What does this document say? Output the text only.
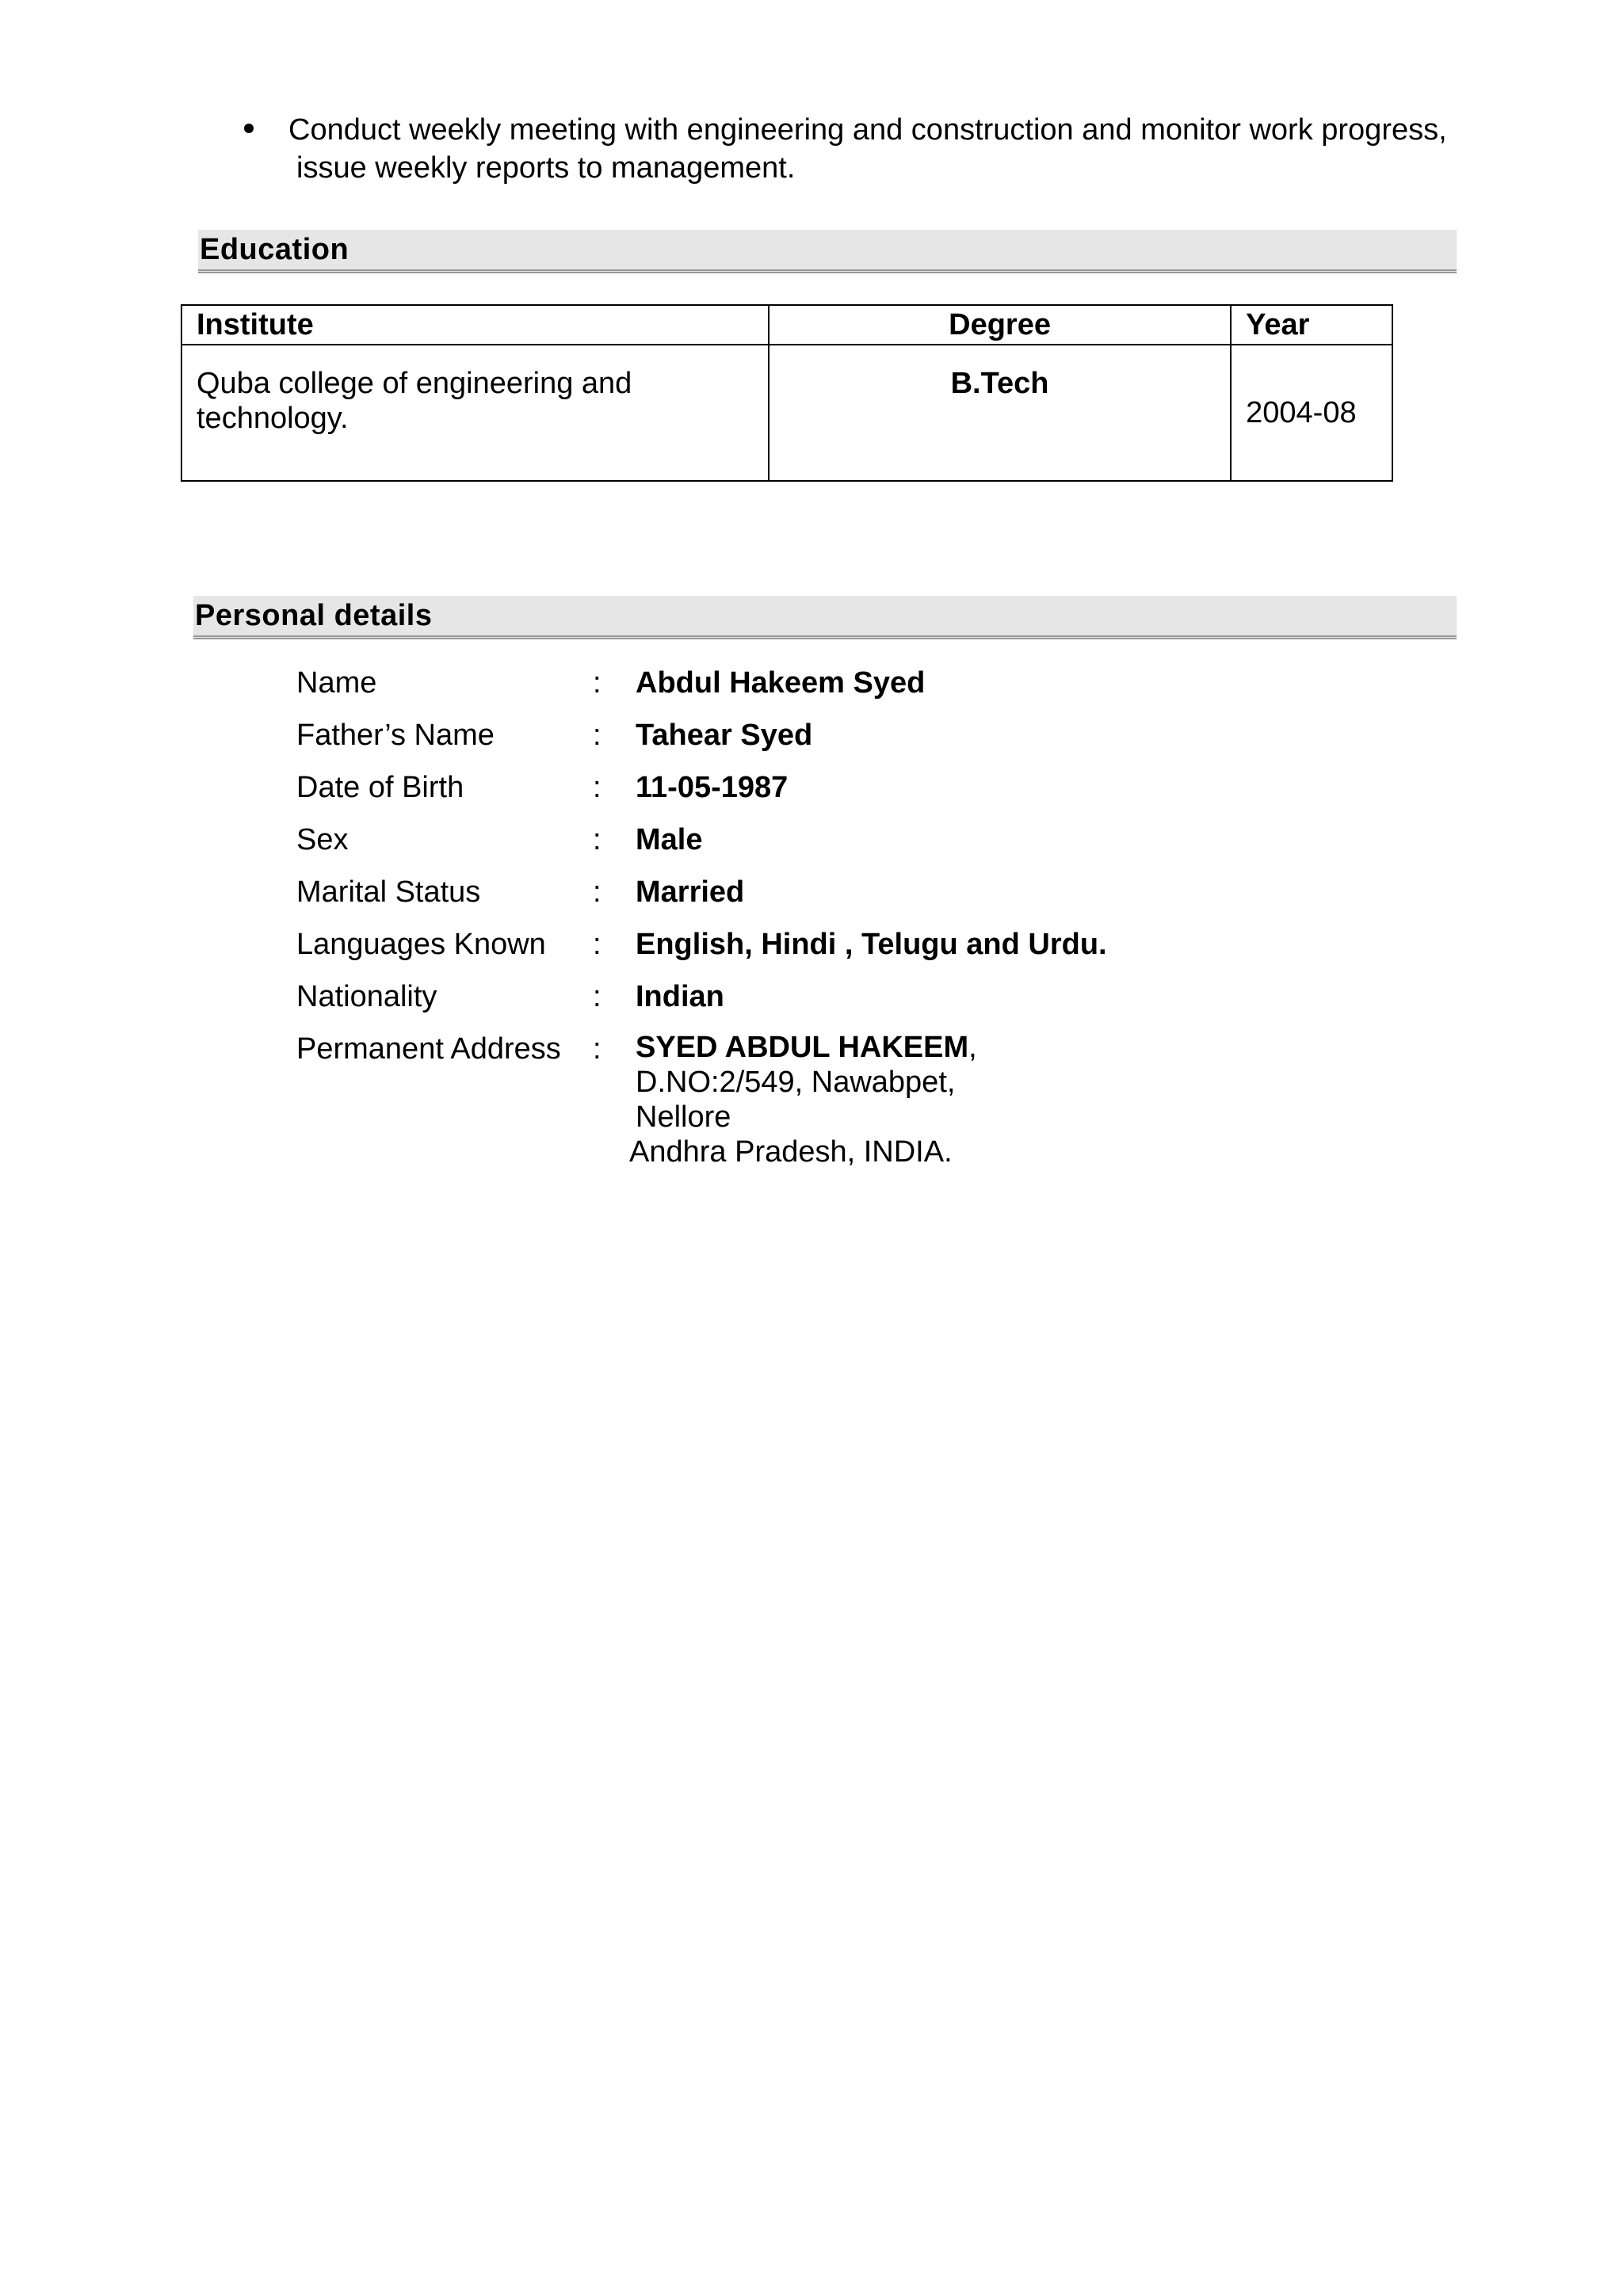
Conduct weekly meeting with engineering and construction and monitor work progress,
issue weekly reports to management.
Education
Institute	Degree	Year
Quba college of engineering and
technology.	B.Tech	2004-08
Personal details
Name	: Abdul Hakeem Syed
Father’s Name	: Tahear Syed
Date of Birth	: 11-05-1987
Sex	: Male
Marital Status	: Married
Languages Known	: English, Hindi , Telugu and Urdu.
Nationality	: Indian
Permanent Address	: SYED ABDUL HAKEEM,
D.NO:2/549, Nawabpet,
Nellore
Andhra Pradesh, INDIA.
